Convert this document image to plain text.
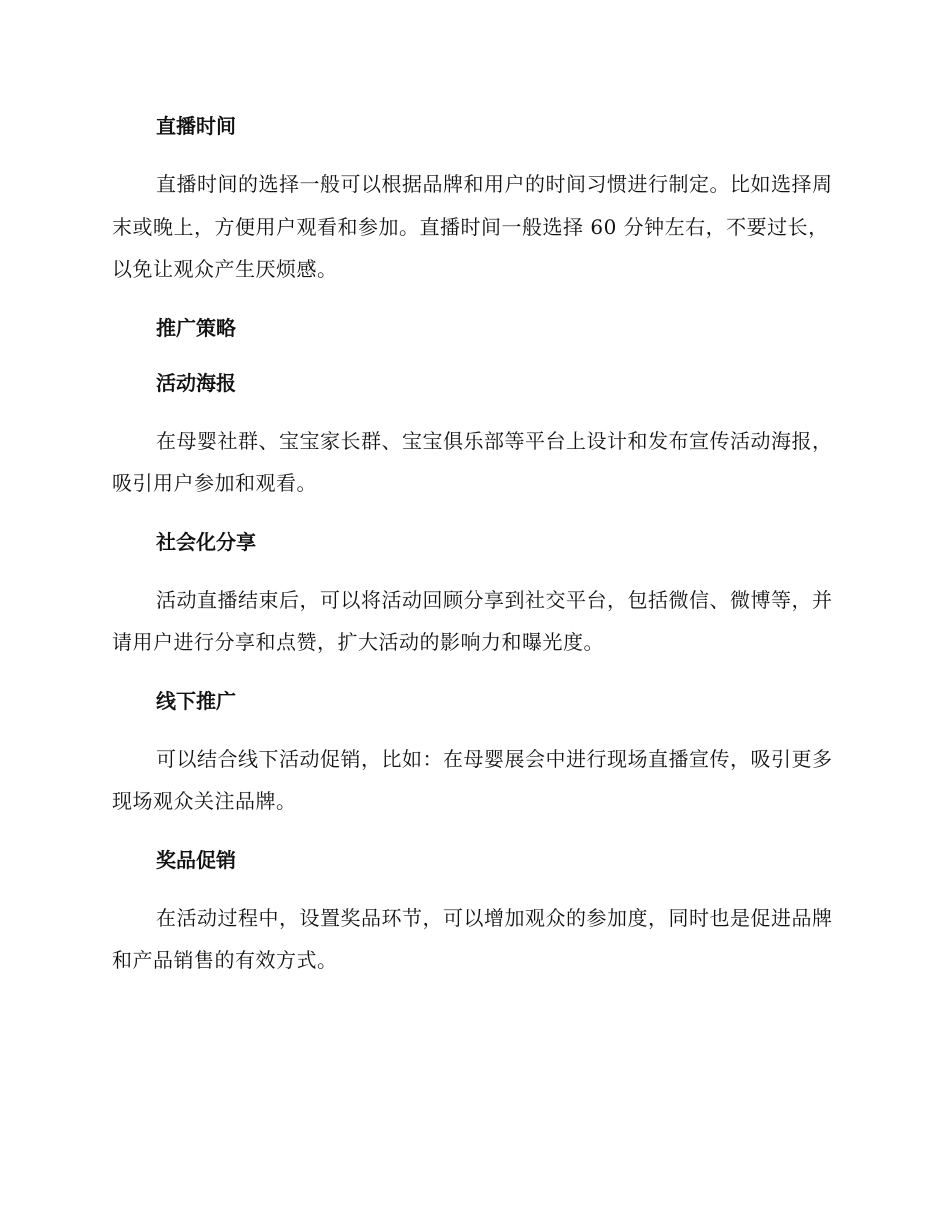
直播时间

直播时间的选择一般可以根据品牌和用户的时间习惯进行制定。比如选择周末或晚上，方便用户观看和参加。直播时间一般选择 60 分钟左右，不要过长，以免让观众产生厌烦感。

推广策略
活动海报

在母婴社群、宝宝家长群、宝宝俱乐部等平台上设计和发布宣传活动海报，吸引用户参加和观看。

社会化分享

活动直播结束后，可以将活动回顾分享到社交平台，包括微信、微博等，并请用户进行分享和点赞，扩大活动的影响力和曝光度。

线下推广

可以结合线下活动促销，比如：在母婴展会中进行现场直播宣传，吸引更多现场观众关注品牌。

奖品促销

在活动过程中，设置奖品环节，可以增加观众的参加度，同时也是促进品牌和产品销售的有效方式。
